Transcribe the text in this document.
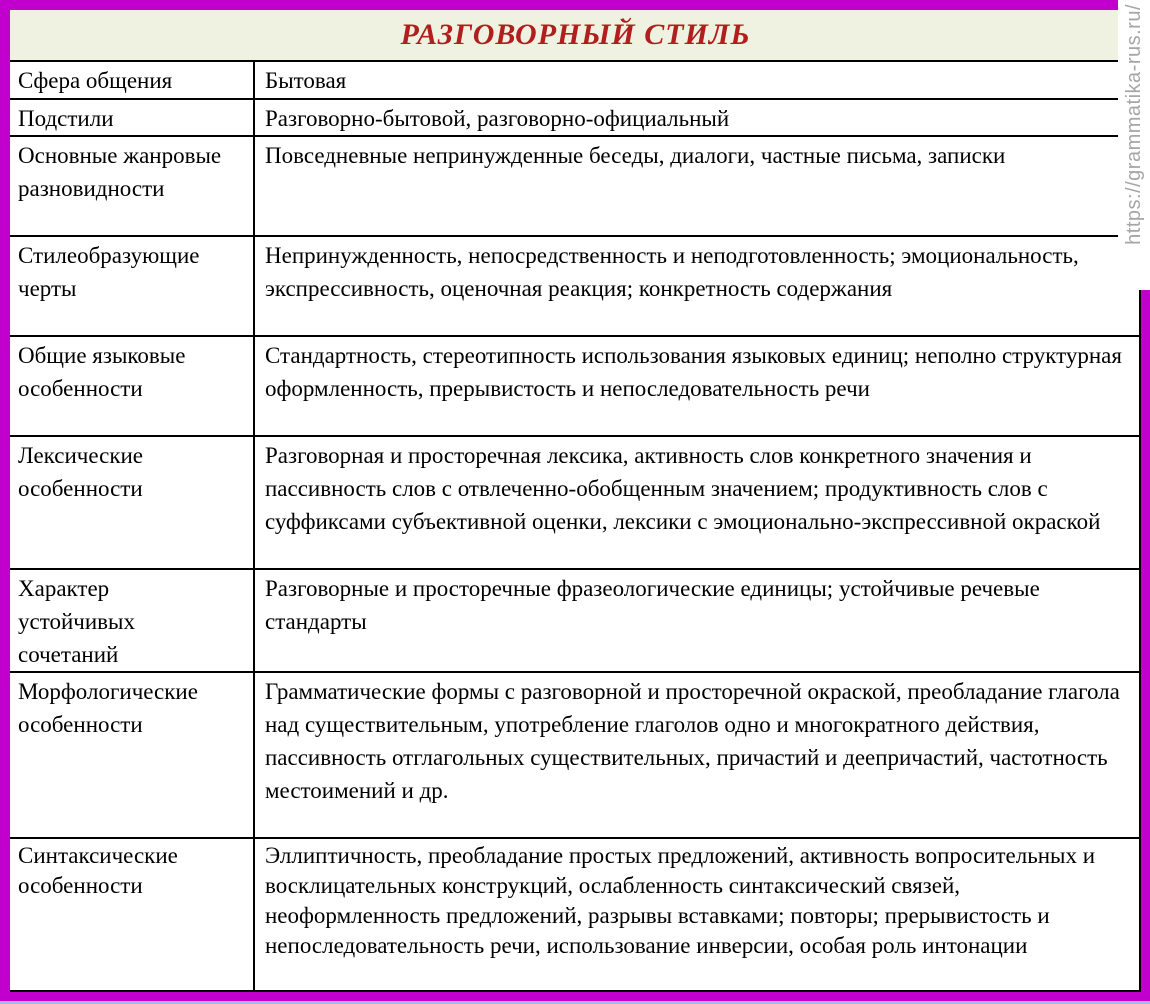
РАЗГОВОРНЫЙ СТИЛЬ
Сфера общения	Бытовая
Подстили	Разговорно-бытовой, разговорно-официальный
Основные жанровые разновидности
Повседневные непринужденные беседы, диалоги, частные письма, записки
Стилеобразующие черты
Непринужденность, непосредственность и неподготовленность; эмоциональность, экспрессивность, оценочная реакция; конкретность содержания
Общие языковые особенности
Стандартность, стереотипность использования языковых единиц; неполно структурная оформленность, прерывистость и непоследовательность речи
Лексические особенности
Разговорная и просторечная лексика, активность слов конкретного значения и пассивность слов с отвлеченно-обобщенным значением; продуктивность слов с суффиксами субъективной оценки, лексики с эмоционально-экспрессивной окраской
Характер устойчивых сочетаний
Разговорные и просторечные фразеологические единицы; устойчивые речевые стандарты
Морфологические особенности
Грамматические формы с разговорной и просторечной окраской, преобладание глагола над существительным, употребление глаголов одно и многократного действия, пассивность отглагольных существительных, причастий и деепричастий, частотность местоимений и др.
Синтаксические особенности
Эллиптичность, преобладание простых предложений, активность вопросительных и восклицательных конструкций, ослабленность синтаксический связей, неоформленность предложений, разрывы вставками; повторы; прерывистость и непоследовательность речи, использование инверсии, особая роль интонации
https://grammatika-rus.ru/
